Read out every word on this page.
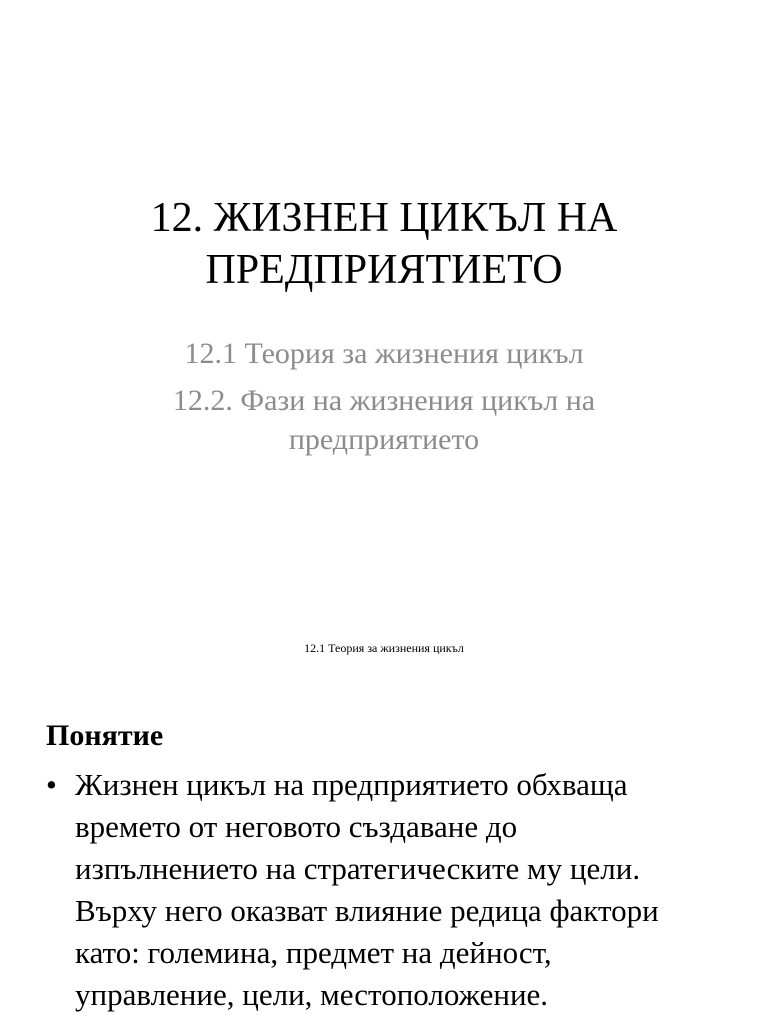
12. ЖИЗНЕН ЦИКЪЛ НА
ПРЕДПРИЯТИЕТО
12.1 Теория за жизнения цикъл
12.2. Фази на жизнения цикъл на
предприятието
12.1 Теория за жизнения цикъл
Понятие
• Жизнен цикъл на предприятието обхваща
времето от неговото създаване до
изпълнението на стратегическите му цели.
Върху него оказват влияние редица фактори
като: големина, предмет на дейност,
управление, цели, местоположение.
